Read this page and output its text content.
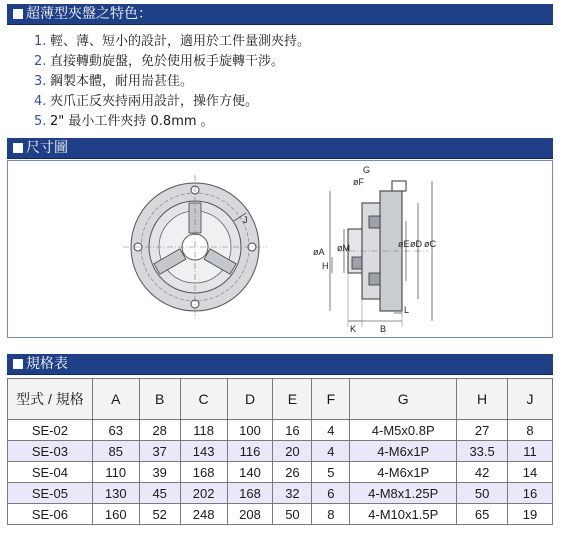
超薄型夾盤之特色：
1. 輕、薄、短小的設計，適用於工件量測夾持。
2. 直接轉動旋盤，免於使用板手旋轉干涉。
3. 鋼製本體，耐用耑甚佳。
4. 夾爪正反夾持兩用設計，操作方便。
5. 2" 最小工件夾持 0.8mm 。
尺寸圖
J
G
øF
øA øM	øE øD øC
H
K	B
L
規格表
型式 / 規格	A	B	C	D	E	F	G	H	J
SE-02	63	28	118	100	16	4	4-M5x0.8P	27	8
SE-03	85	37	143	116	20	4	4-M6x1P	33.5	11
SE-04	110	39	168	140	26	5	4-M6x1P	42	14
SE-05	130	45	202	168	32	6	4-M8x1.25P	50	16
SE-06	160	52	248	208	50	8	4-M10x1.5P	65	19
